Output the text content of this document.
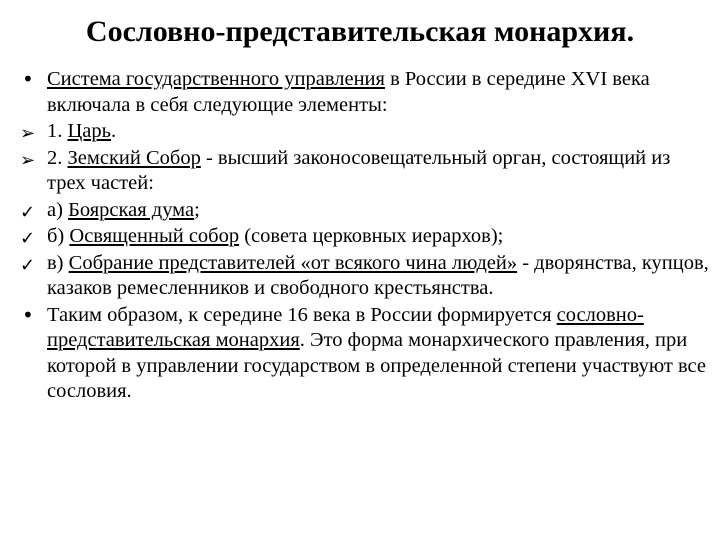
Сословно-представительская монархия.
• Система государственного управления в России в середине XVI века включала в себя следующие элементы:
➢ 1. Царь.
➢ 2. Земский Собор - высший законосовещательный орган, состоящий из трех частей:
✓ а) Боярская дума;
✓ б) Освященный собор (совета церковных иерархов);
✓ в) Собрание представителей «от всякого чина людей» - дворянства, купцов, казаков ремесленников и свободного крестьянства.
• Таким образом, к середине 16 века в России формируется сословно-представительская монархия. Это форма монархического правления, при которой в управлении государством в определенной степени участвуют все сословия.
